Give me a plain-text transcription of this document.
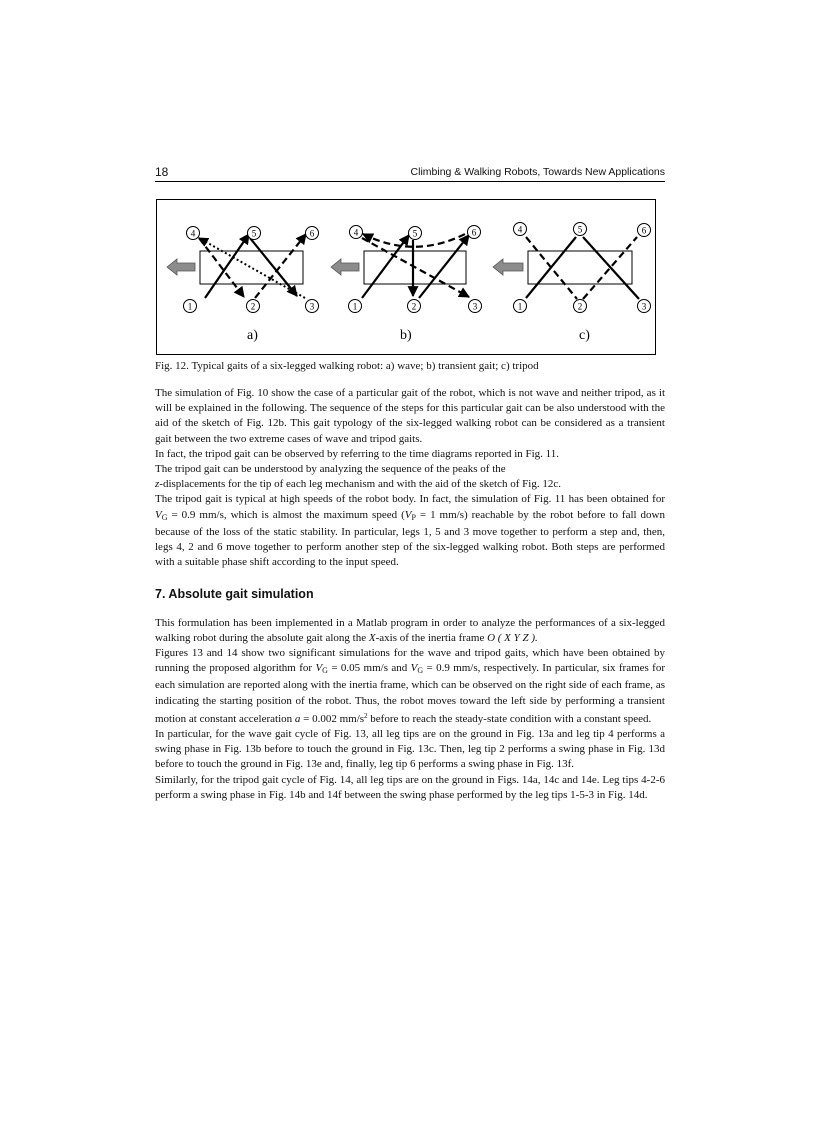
18	Climbing & Walking Robots, Towards New Applications
4	5	6
1	2	3
a)
4	5	6
1	2	3
b)
4	5	6
1	2	3
c)

Fig. 12. Typical gaits of a six-legged walking robot: a) wave; b) transient gait; c) tripod

The simulation of Fig. 10 show the case of a particular gait of the robot, which is not wave and neither tripod, as it will be explained in the following. The sequence of the steps for this particular gait can be also understood with the aid of the sketch of Fig. 12b. This gait typology of the six-legged walking robot can be considered as a transient gait between the two extreme cases of wave and tripod gaits.

In fact, the tripod gait can be observed by referring to the time diagrams reported in Fig. 11.

The tripod gait can be understood by analyzing the sequence of the peaks of the
z-displacements for the tip of each leg mechanism and with the aid of the sketch of Fig. 12c.

The tripod gait is typical at high speeds of the robot body. In fact, the simulation of Fig. 11 has been obtained for $V_G = 0.9$ mm/s, which is almost the maximum speed ($V_P = 1$ mm/s) reachable by the robot before to fall down because of the loss of the static stability. In particular, legs 1, 5 and 3 move together to perform a step and, then, legs 4, 2 and 6 move together to perform another step of the six-legged walking robot. Both steps are performed with a suitable phase shift according to the input speed.

7. Absolute gait simulation

This formulation has been implemented in a Matlab program in order to analyze the performances of a six-legged walking robot during the absolute gait along the X-axis of the inertia frame O ( X Y Z ).

Figures 13 and 14 show two significant simulations for the wave and tripod gaits, which have been obtained by running the proposed algorithm for $V_G = 0.05$ mm/s and $V_G = 0.9$ mm/s, respectively. In particular, six frames for each simulation are reported along with the inertia frame, which can be observed on the right side of each frame, as indicating the starting position of the robot. Thus, the robot moves toward the left side by performing a transient motion at constant acceleration a = 0.002 $mm/s^2$ before to reach the steady-state condition with a constant speed.

In particular, for the wave gait cycle of Fig. 13, all leg tips are on the ground in Fig. 13a and leg tip 4 performs a swing phase in Fig. 13b before to touch the ground in Fig. 13c. Then, leg tip 2 performs a swing phase in Fig. 13d before to touch the ground in Fig. 13e and, finally, leg tip 6 performs a swing phase in Fig. 13f.

Similarly, for the tripod gait cycle of Fig. 14, all leg tips are on the ground in Figs. 14a, 14c and 14e. Leg tips 4-2-6 perform a swing phase in Fig. 14b and 14f between the swing phase performed by the leg tips 1-5-3 in Fig. 14d.
